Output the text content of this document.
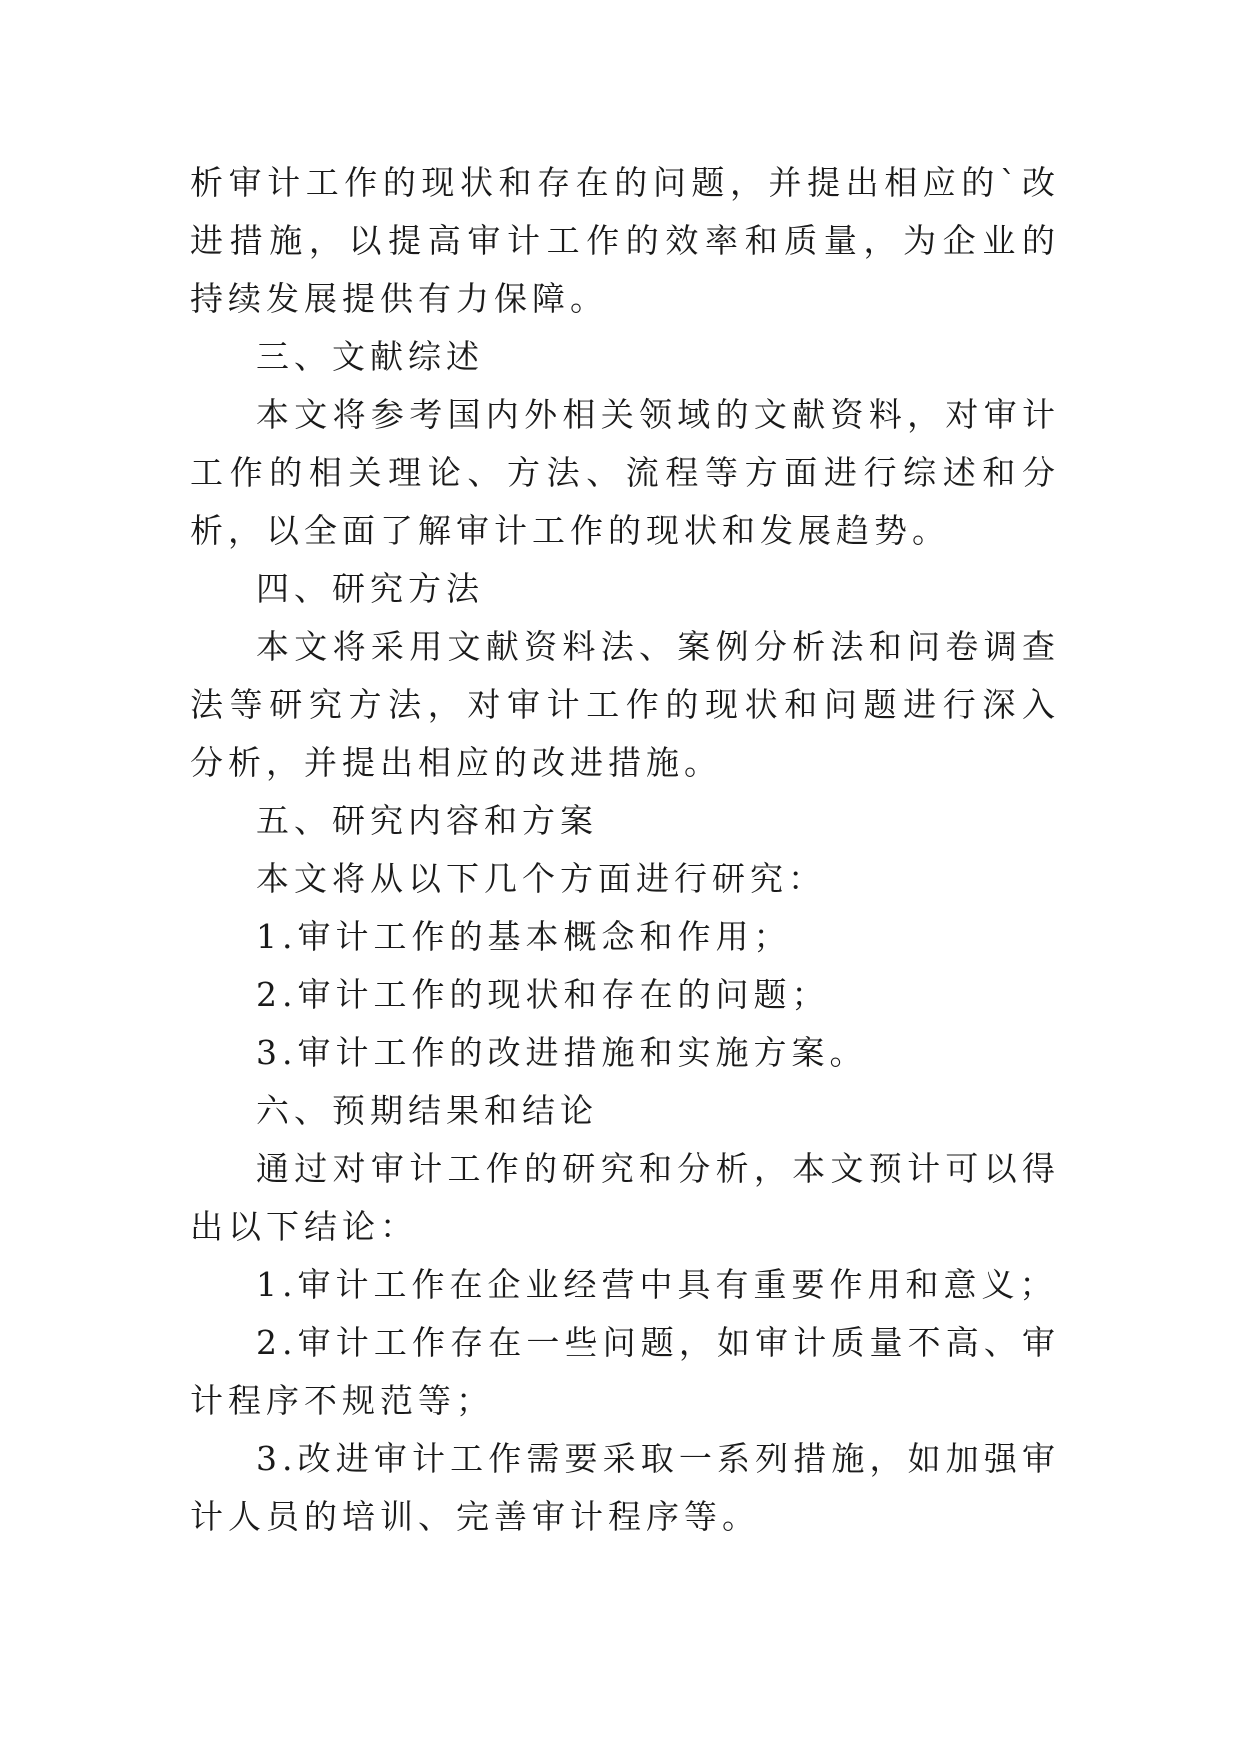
析审计工作的现状和存在的问题，并提出相应的`改进措施，以提高审计工作的效率和质量，为企业的持续发展提供有力保障。

三、文献综述

本文将参考国内外相关领域的文献资料，对审计工作的相关理论、方法、流程等方面进行综述和分析，以全面了解审计工作的现状和发展趋势。

四、研究方法

本文将采用文献资料法、案例分析法和问卷调查法等研究方法，对审计工作的现状和问题进行深入分析，并提出相应的改进措施。

五、研究内容和方案

本文将从以下几个方面进行研究：

1.审计工作的基本概念和作用；

2.审计工作的现状和存在的问题；

3.审计工作的改进措施和实施方案。

六、预期结果和结论

通过对审计工作的研究和分析，本文预计可以得出以下结论：

1.审计工作在企业经营中具有重要作用和意义；

2.审计工作存在一些问题，如审计质量不高、审计程序不规范等；

3.改进审计工作需要采取一系列措施，如加强审计人员的培训、完善审计程序等。
